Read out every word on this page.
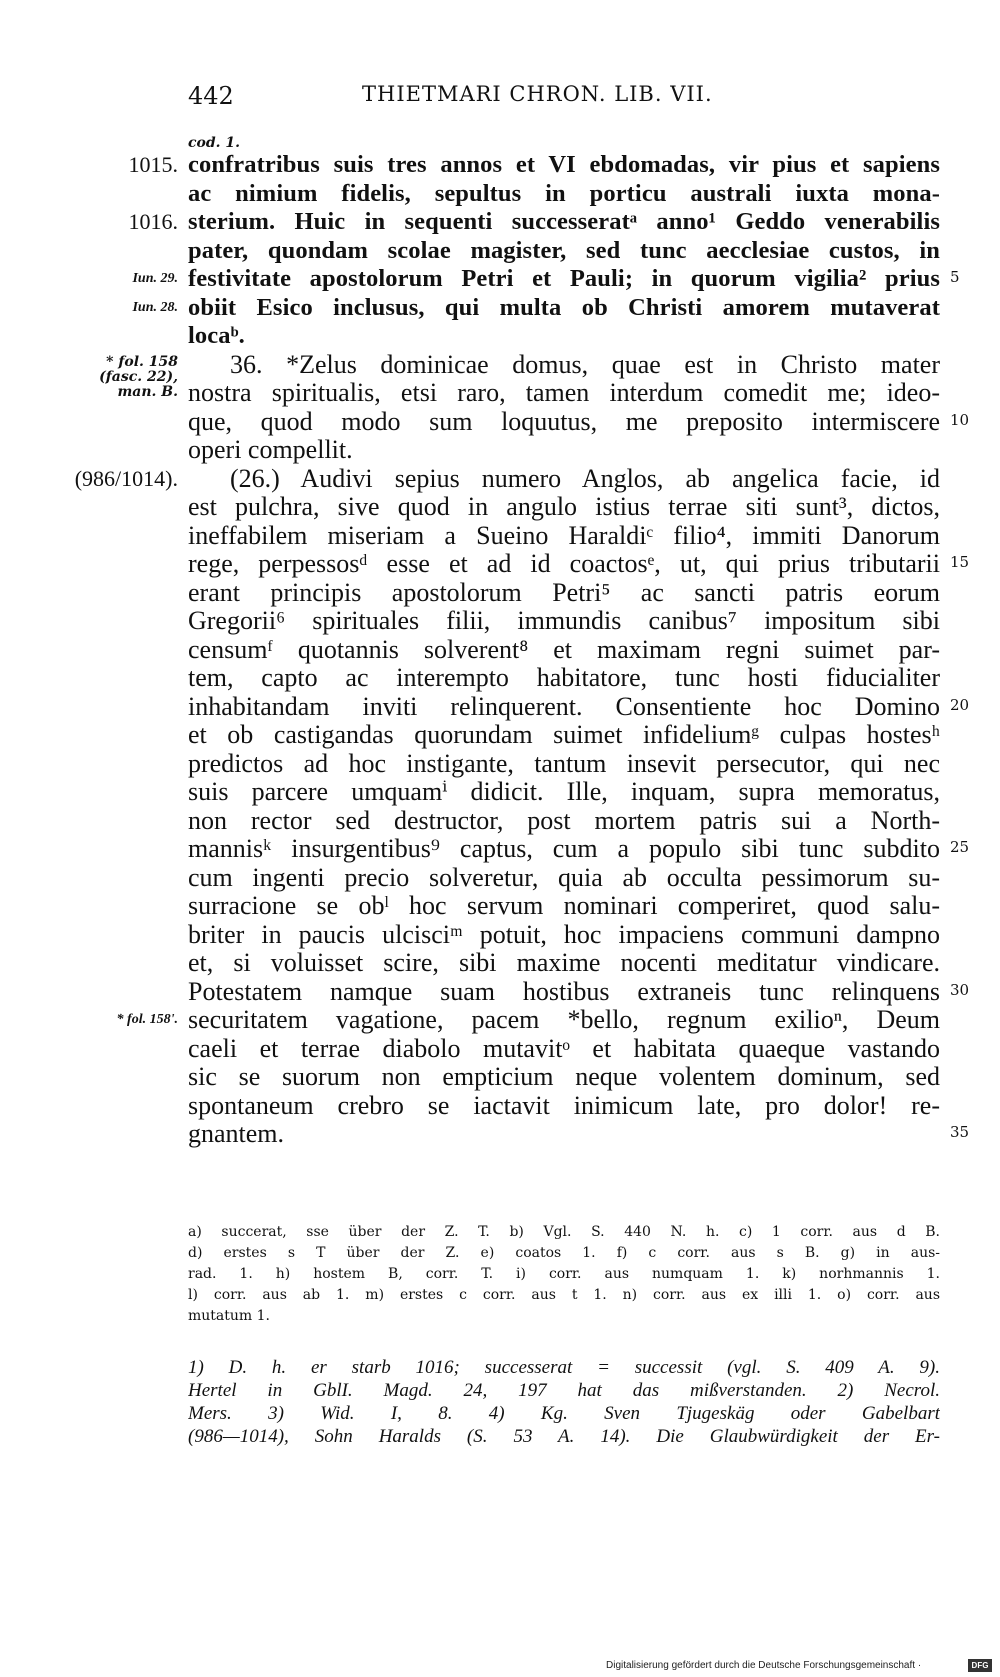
442	THIETMARI CHRON. LIB. VII.
cod. 1.
* fol. 158
(fasc. 22),
man. B.
confratribus suis tres annos et VI ebdomadas, vir pius et sapiens
1015.
ac nimium fidelis, sepultus in porticu australi iuxta mona-
sterium. Huic in sequenti successeratᵃ anno¹ Geddo venerabilis
1016.
pater, quondam scolae magister, sed tunc aecclesiae custos, in
festivitate apostolorum Petri et Pauli; in quorum vigilia² prius
Iun. 29.	5
obiit Esico inclusus, qui multa ob Christi amorem mutaverat
Iun. 28.
locaᵇ.
36. *Zelus dominicae domus, quae est in Christo mater
nostra spiritualis, etsi raro, tamen interdum comedit me; ideo-
que, quod modo sum loquutus, me preposito intermiscere 10
operi compellit.
(26.) Audivi sepius numero Anglos, ab angelica facie, id
(986/1014).
est pulchra, sive quod in angulo istius terrae siti sunt³, dictos,
ineffabilem miseriam a Sueino Haraldiᶜ filio⁴, immiti Danorum
rege, perpessosᵈ esse et ad id coactosᵉ, ut, qui prius tributarii 15
erant principis apostolorum Petri⁵ ac sancti patris eorum
Gregorii⁶ spirituales filii, immundis canibus⁷ impositum sibi
censumᶠ quotannis solverent⁸ et maximam regni suimet par-
tem, capto ac interempto habitatore, tunc hosti fiducialiter
inhabitandam inviti relinquerent. Consentiente hoc Domino 20
et ob castigandas quorundam suimet infideliumᵍ culpas hostesʰ
predictos ad hoc instigante, tantum insevit persecutor, qui nec
suis parcere umquamⁱ didicit. Ille, inquam, supra memoratus,
non rector sed destructor, post mortem patris sui a North-
mannisᵏ insurgentibus⁹ captus, cum a populo sibi tunc subdito 25
cum ingenti precio solveretur, quia ab occulta pessimorum su-
surracione se obˡ hoc servum nominari comperiret, quod salu-
briter in paucis ulcisciᵐ potuit, hoc impaciens communi dampno
et, si voluisset scire, sibi maxime nocenti meditatur vindicare.
Potestatem namque suam hostibus extraneis tunc relinquens 30
securitatem vagatione, pacem *bello, regnum exilioⁿ, Deum
* fol. 158'.
caeli et terrae diabolo mutavitᵒ et habitata quaeque vastando
sic se suorum non empticium neque volentem dominum, sed
spontaneum crebro se iactavit inimicum late, pro dolor! re-
gnantem.	35
a) succerat, sse über der Z. T. b) Vgl. S. 440 N. h. c) 1 corr. aus d B.
d) erstes s T über der Z. e) coatos 1. f) c corr. aus s B. g) in aus-
rad. 1. h) hostem B, corr. T. i) corr. aus numquam 1. k) norhmannis 1.
l) corr. aus ab 1. m) erstes c corr. aus t 1. n) corr. aus ex illi 1. o) corr. aus
mutatum 1.
1) D. h. er starb 1016; successerat = successit (vgl. S. 409 A. 9).
Hertel in GblI. Magd. 24, 197 hat das mißverstanden. 2) Necrol.
Mers. 3) Wid. I, 8. 4) Kg. Sven Tjugeskäg oder Gabelbart
(986—1014), Sohn Haralds (S. 53 A. 14). Die Glaubwürdigkeit der Er-
Digitalisierung gefördert durch die Deutsche Forschungsgemeinschaft ·	DFG
